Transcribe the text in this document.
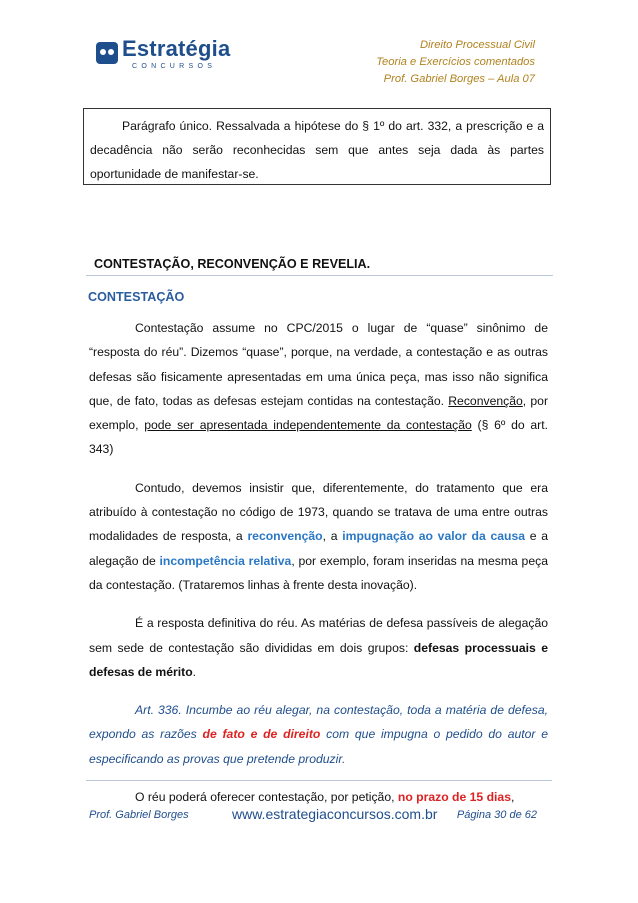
Estratégia
CONCURSOS
Direito Processual Civil
Teoria e Exercícios comentados
Prof. Gabriel Borges – Aula 07

Parágrafo único. Ressalvada a hipótese do § 1º do art. 332, a prescrição e a decadência não serão reconhecidas sem que antes seja dada às partes oportunidade de manifestar-se.

CONTESTAÇÃO, RECONVENÇÃO E REVELIA.
CONTESTAÇÃO

Contestação assume no CPC/2015 o lugar de “quase” sinônimo de “resposta do réu”. Dizemos “quase”, porque, na verdade, a contestação e as outras defesas são fisicamente apresentadas em uma única peça, mas isso não significa que, de fato, todas as defesas estejam contidas na contestação. Reconvenção, por exemplo, pode ser apresentada independentemente da contestação (§ 6º do art. 343)

Contudo, devemos insistir que, diferentemente, do tratamento que era atribuído à contestação no código de 1973, quando se tratava de uma entre outras modalidades de resposta, a reconvenção, a impugnação ao valor da causa e a alegação de incompetência relativa, por exemplo, foram inseridas na mesma peça da contestação. (Trataremos linhas à frente desta inovação).

É a resposta definitiva do réu. As matérias de defesa passíveis de alegação sem sede de contestação são divididas em dois grupos: defesas processuais e defesas de mérito.

Art. 336. Incumbe ao réu alegar, na contestação, toda a matéria de defesa, expondo as razões de fato e de direito com que impugna o pedido do autor e especificando as provas que pretende produzir.

O réu poderá oferecer contestação, por petição, no prazo de 15 dias,

Prof. Gabriel Borges	www.estrategiaconcursos.com.br Página 30 de 62
